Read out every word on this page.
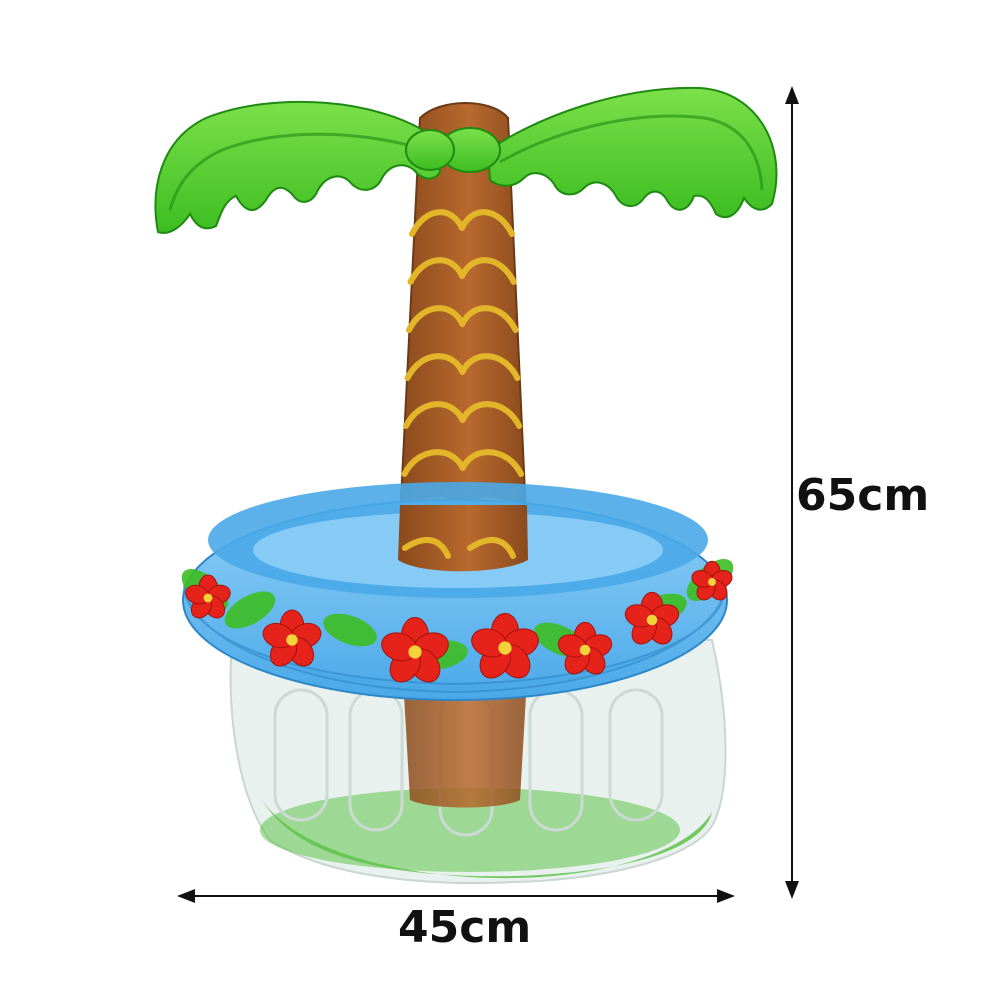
65cm
45cm
